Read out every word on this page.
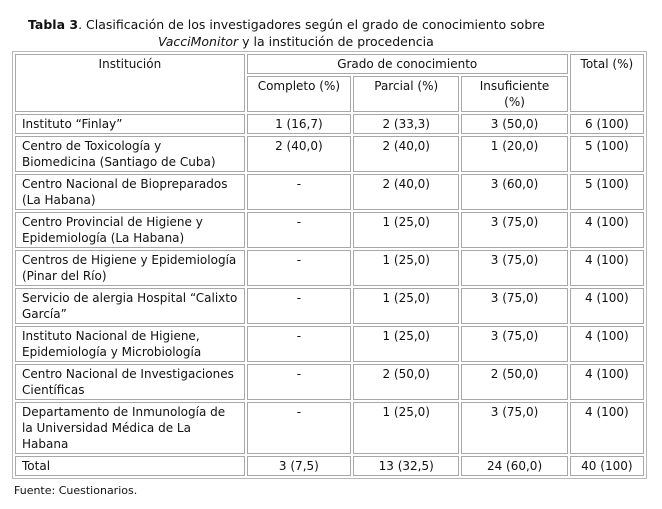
Tabla 3. Clasificación de los investigadores según el grado de conocimiento sobre
VacciMonitor y la institución de procedencia
Institución	Grado de conocimiento			Total (%)
	Completo (%)	Parcial (%)	Insuficiente (%)	
Instituto “Finlay”	1 (16,7)	2 (33,3)	3 (50,0)	6 (100)
Centro de Toxicología y Biomedicina (Santiago de Cuba)	2 (40,0)	2 (40,0)	1 (20,0)	5 (100)
Centro Nacional de Biopreparados (La Habana)	-	2 (40,0)	3 (60,0)	5 (100)
Centro Provincial de Higiene y Epidemiología (La Habana)	-	1 (25,0)	3 (75,0)	4 (100)
Centros de Higiene y Epidemiología (Pinar del Río)	-	1 (25,0)	3 (75,0)	4 (100)
Servicio de alergia Hospital “Calixto García”	-	1 (25,0)	3 (75,0)	4 (100)
Instituto Nacional de Higiene, Epidemiología y Microbiología	-	1 (25,0)	3 (75,0)	4 (100)
Centro Nacional de Investigaciones Científicas	-	2 (50,0)	2 (50,0)	4 (100)
Departamento de Inmunología de la Universidad Médica de La Habana	-	1 (25,0)	3 (75,0)	4 (100)
Total	3 (7,5)	13 (32,5)	24 (60,0)	40 (100)
Fuente: Cuestionarios.
